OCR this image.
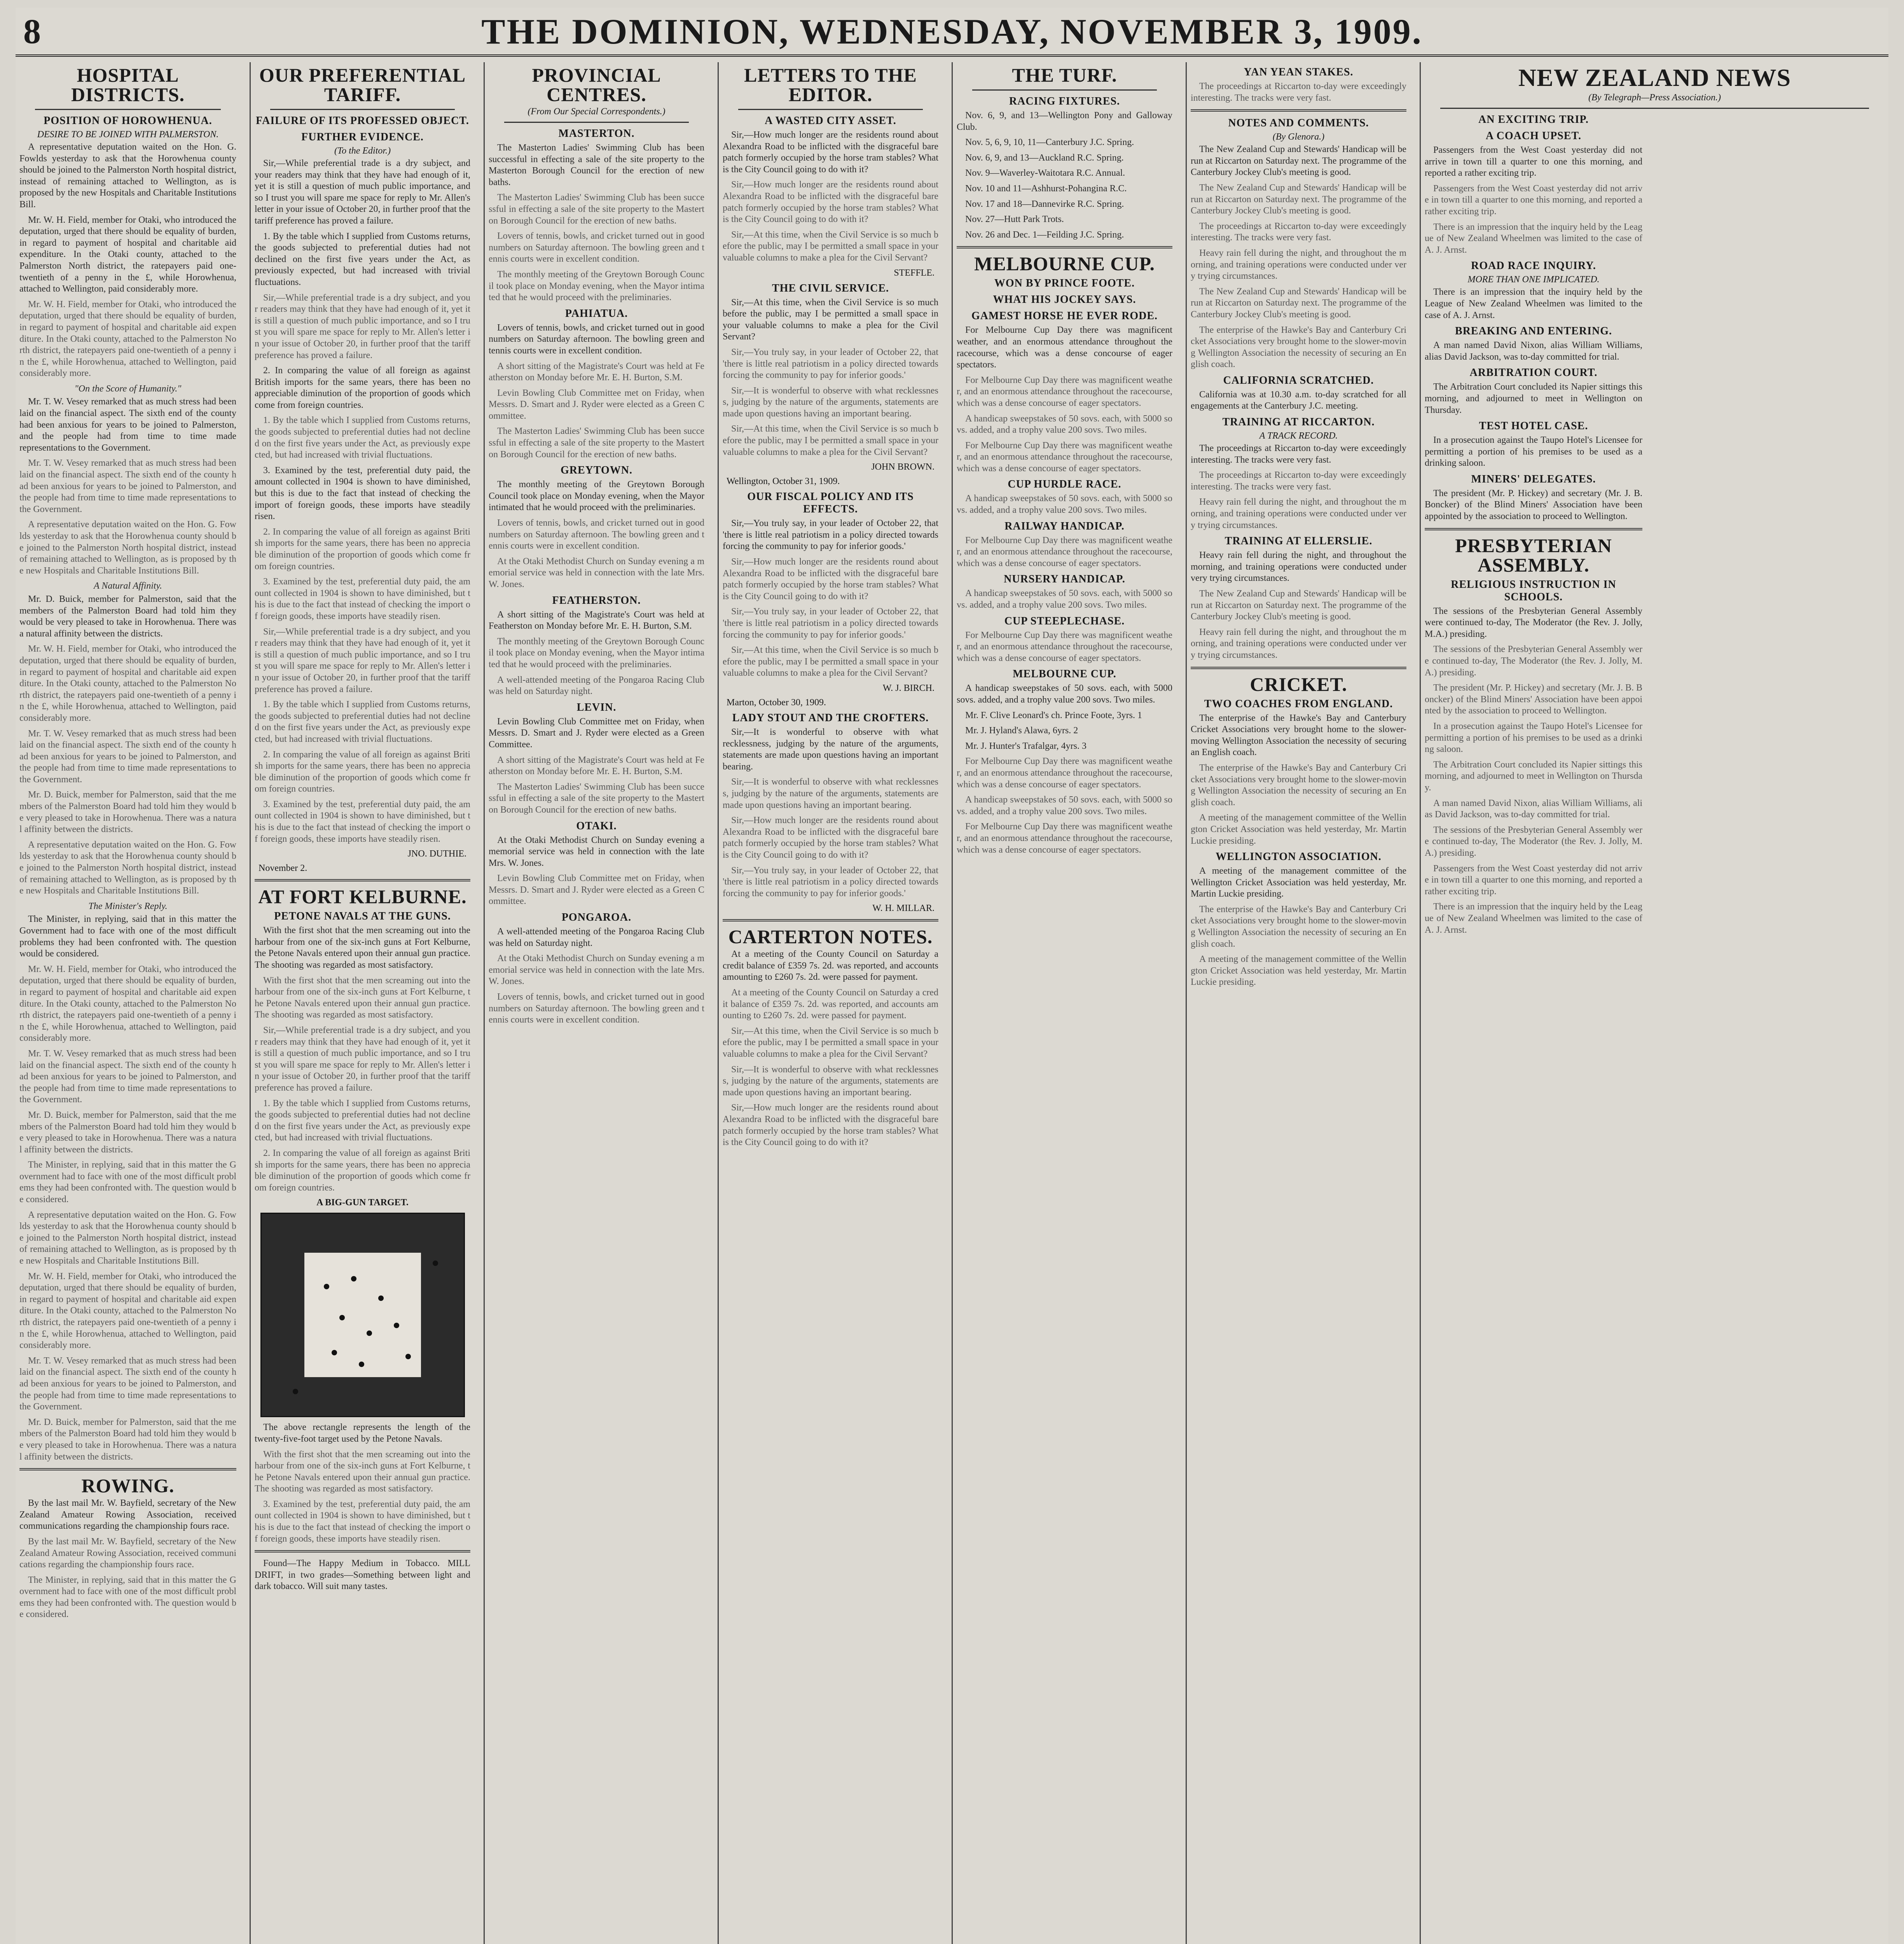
8	THE DOMINION, WEDNESDAY, NOVEMBER 3, 1909.
HOSPITAL DISTRICTS.
POSITION OF HOROWHENUA.
DESIRE TO BE JOINED WITH PALMERSTON.

A representative deputation waited on the Hon. G. Fowlds yesterday to ask that the Horowhenua county should be joined to the Palmerston North hospital district, instead of remaining attached to Wellington, as is proposed by the new Hospitals and Charitable Institutions Bill.

Mr. W. H. Field, member for Otaki, who introduced the deputation, urged that there should be equality of burden, in regard to payment of hospital and charitable aid expenditure. In the Otaki county, attached to the Palmerston North district, the ratepayers paid one-twentieth of a penny in the £, while Horowhenua, attached to Wellington, paid considerably more.

Mr. W. H. Field, member for Otaki, who introduced the deputation, urged that there should be equality of burden, in regard to payment of hospital and charitable aid expenditure. In the Otaki county, attached to the Palmerston North district, the ratepayers paid one-twentieth of a penny in the £, while Horowhenua, attached to Wellington, paid considerably more.

"On the Score of Humanity."

Mr. T. W. Vesey remarked that as much stress had been laid on the financial aspect. The sixth end of the county had been anxious for years to be joined to Palmerston, and the people had from time to time made representations to the Government.

Mr. T. W. Vesey remarked that as much stress had been laid on the financial aspect. The sixth end of the county had been anxious for years to be joined to Palmerston, and the people had from time to time made representations to the Government.

A representative deputation waited on the Hon. G. Fowlds yesterday to ask that the Horowhenua county should be joined to the Palmerston North hospital district, instead of remaining attached to Wellington, as is proposed by the new Hospitals and Charitable Institutions Bill.

A Natural Affinity.

Mr. D. Buick, member for Palmerston, said that the members of the Palmerston Board had told him they would be very pleased to take in Horowhenua. There was a natural affinity between the districts.

Mr. W. H. Field, member for Otaki, who introduced the deputation, urged that there should be equality of burden, in regard to payment of hospital and charitable aid expenditure. In the Otaki county, attached to the Palmerston North district, the ratepayers paid one-twentieth of a penny in the £, while Horowhenua, attached to Wellington, paid considerably more.

Mr. T. W. Vesey remarked that as much stress had been laid on the financial aspect. The sixth end of the county had been anxious for years to be joined to Palmerston, and the people had from time to time made representations to the Government.

Mr. D. Buick, member for Palmerston, said that the members of the Palmerston Board had told him they would be very pleased to take in Horowhenua. There was a natural affinity between the districts.

A representative deputation waited on the Hon. G. Fowlds yesterday to ask that the Horowhenua county should be joined to the Palmerston North hospital district, instead of remaining attached to Wellington, as is proposed by the new Hospitals and Charitable Institutions Bill.

The Minister's Reply.

The Minister, in replying, said that in this matter the Government had to face with one of the most difficult problems they had been confronted with. The question would be considered.

Mr. W. H. Field, member for Otaki, who introduced the deputation, urged that there should be equality of burden, in regard to payment of hospital and charitable aid expenditure. In the Otaki county, attached to the Palmerston North district, the ratepayers paid one-twentieth of a penny in the £, while Horowhenua, attached to Wellington, paid considerably more.

Mr. T. W. Vesey remarked that as much stress had been laid on the financial aspect. The sixth end of the county had been anxious for years to be joined to Palmerston, and the people had from time to time made representations to the Government.

Mr. D. Buick, member for Palmerston, said that the members of the Palmerston Board had told him they would be very pleased to take in Horowhenua. There was a natural affinity between the districts.

The Minister, in replying, said that in this matter the Government had to face with one of the most difficult problems they had been confronted with. The question would be considered.

A representative deputation waited on the Hon. G. Fowlds yesterday to ask that the Horowhenua county should be joined to the Palmerston North hospital district, instead of remaining attached to Wellington, as is proposed by the new Hospitals and Charitable Institutions Bill.

Mr. W. H. Field, member for Otaki, who introduced the deputation, urged that there should be equality of burden, in regard to payment of hospital and charitable aid expenditure. In the Otaki county, attached to the Palmerston North district, the ratepayers paid one-twentieth of a penny in the £, while Horowhenua, attached to Wellington, paid considerably more.

Mr. T. W. Vesey remarked that as much stress had been laid on the financial aspect. The sixth end of the county had been anxious for years to be joined to Palmerston, and the people had from time to time made representations to the Government.

Mr. D. Buick, member for Palmerston, said that the members of the Palmerston Board had told him they would be very pleased to take in Horowhenua. There was a natural affinity between the districts.

ROWING.

By the last mail Mr. W. Bayfield, secretary of the New Zealand Amateur Rowing Association, received communications regarding the championship fours race.

By the last mail Mr. W. Bayfield, secretary of the New Zealand Amateur Rowing Association, received communications regarding the championship fours race.

The Minister, in replying, said that in this matter the Government had to face with one of the most difficult problems they had been confronted with. The question would be considered.

OUR PREFERENTIAL TARIFF.
FAILURE OF ITS PROFESSED OBJECT.
FURTHER EVIDENCE.
(To the Editor.)

Sir,—While preferential trade is a dry subject, and your readers may think that they have had enough of it, yet it is still a question of much public importance, and so I trust you will spare me space for reply to Mr. Allen's letter in your issue of October 20, in further proof that the tariff preference has proved a failure.

1. By the table which I supplied from Customs returns, the goods subjected to preferential duties had not declined on the first five years under the Act, as previously expected, but had increased with trivial fluctuations.

Sir,—While preferential trade is a dry subject, and your readers may think that they have had enough of it, yet it is still a question of much public importance, and so I trust you will spare me space for reply to Mr. Allen's letter in your issue of October 20, in further proof that the tariff preference has proved a failure.

2. In comparing the value of all foreign as against British imports for the same years, there has been no appreciable diminution of the proportion of goods which come from foreign countries.

1. By the table which I supplied from Customs returns, the goods subjected to preferential duties had not declined on the first five years under the Act, as previously expected, but had increased with trivial fluctuations.

3. Examined by the test, preferential duty paid, the amount collected in 1904 is shown to have diminished, but this is due to the fact that instead of checking the import of foreign goods, these imports have steadily risen.

2. In comparing the value of all foreign as against British imports for the same years, there has been no appreciable diminution of the proportion of goods which come from foreign countries.

3. Examined by the test, preferential duty paid, the amount collected in 1904 is shown to have diminished, but this is due to the fact that instead of checking the import of foreign goods, these imports have steadily risen.

Sir,—While preferential trade is a dry subject, and your readers may think that they have had enough of it, yet it is still a question of much public importance, and so I trust you will spare me space for reply to Mr. Allen's letter in your issue of October 20, in further proof that the tariff preference has proved a failure.

1. By the table which I supplied from Customs returns, the goods subjected to preferential duties had not declined on the first five years under the Act, as previously expected, but had increased with trivial fluctuations.

2. In comparing the value of all foreign as against British imports for the same years, there has been no appreciable diminution of the proportion of goods which come from foreign countries.

3. Examined by the test, preferential duty paid, the amount collected in 1904 is shown to have diminished, but this is due to the fact that instead of checking the import of foreign goods, these imports have steadily risen.

JNO. DUTHIE.
November 2.
AT FORT KELBURNE.
PETONE NAVALS AT THE GUNS.

With the first shot that the men screaming out into the harbour from one of the six-inch guns at Fort Kelburne, the Petone Navals entered upon their annual gun practice. The shooting was regarded as most satisfactory.

With the first shot that the men screaming out into the harbour from one of the six-inch guns at Fort Kelburne, the Petone Navals entered upon their annual gun practice. The shooting was regarded as most satisfactory.

Sir,—While preferential trade is a dry subject, and your readers may think that they have had enough of it, yet it is still a question of much public importance, and so I trust you will spare me space for reply to Mr. Allen's letter in your issue of October 20, in further proof that the tariff preference has proved a failure.

1. By the table which I supplied from Customs returns, the goods subjected to preferential duties had not declined on the first five years under the Act, as previously expected, but had increased with trivial fluctuations.

2. In comparing the value of all foreign as against British imports for the same years, there has been no appreciable diminution of the proportion of goods which come from foreign countries.

A BIG-GUN TARGET.

The above rectangle represents the length of the twenty-five-foot target used by the Petone Navals.

With the first shot that the men screaming out into the harbour from one of the six-inch guns at Fort Kelburne, the Petone Navals entered upon their annual gun practice. The shooting was regarded as most satisfactory.

3. Examined by the test, preferential duty paid, the amount collected in 1904 is shown to have diminished, but this is due to the fact that instead of checking the import of foreign goods, these imports have steadily risen.

Found—The Happy Medium in Tobacco. MILL DRIFT, in two grades—Something between light and dark tobacco. Will suit many tastes.

PROVINCIAL CENTRES.
(From Our Special Correspondents.)
MASTERTON.

The Masterton Ladies' Swimming Club has been successful in effecting a sale of the site property to the Masterton Borough Council for the erection of new baths.

The Masterton Ladies' Swimming Club has been successful in effecting a sale of the site property to the Masterton Borough Council for the erection of new baths.

Lovers of tennis, bowls, and cricket turned out in good numbers on Saturday afternoon. The bowling green and tennis courts were in excellent condition.

The monthly meeting of the Greytown Borough Council took place on Monday evening, when the Mayor intimated that he would proceed with the preliminaries.

PAHIATUA.

Lovers of tennis, bowls, and cricket turned out in good numbers on Saturday afternoon. The bowling green and tennis courts were in excellent condition.

A short sitting of the Magistrate's Court was held at Featherston on Monday before Mr. E. H. Burton, S.M.

Levin Bowling Club Committee met on Friday, when Messrs. D. Smart and J. Ryder were elected as a Green Committee.

The Masterton Ladies' Swimming Club has been successful in effecting a sale of the site property to the Masterton Borough Council for the erection of new baths.

GREYTOWN.

The monthly meeting of the Greytown Borough Council took place on Monday evening, when the Mayor intimated that he would proceed with the preliminaries.

Lovers of tennis, bowls, and cricket turned out in good numbers on Saturday afternoon. The bowling green and tennis courts were in excellent condition.

At the Otaki Methodist Church on Sunday evening a memorial service was held in connection with the late Mrs. W. Jones.

FEATHERSTON.

A short sitting of the Magistrate's Court was held at Featherston on Monday before Mr. E. H. Burton, S.M.

The monthly meeting of the Greytown Borough Council took place on Monday evening, when the Mayor intimated that he would proceed with the preliminaries.

A well-attended meeting of the Pongaroa Racing Club was held on Saturday night.

LEVIN.

Levin Bowling Club Committee met on Friday, when Messrs. D. Smart and J. Ryder were elected as a Green Committee.

A short sitting of the Magistrate's Court was held at Featherston on Monday before Mr. E. H. Burton, S.M.

The Masterton Ladies' Swimming Club has been successful in effecting a sale of the site property to the Masterton Borough Council for the erection of new baths.

OTAKI.

At the Otaki Methodist Church on Sunday evening a memorial service was held in connection with the late Mrs. W. Jones.

Levin Bowling Club Committee met on Friday, when Messrs. D. Smart and J. Ryder were elected as a Green Committee.

PONGAROA.

A well-attended meeting of the Pongaroa Racing Club was held on Saturday night.

At the Otaki Methodist Church on Sunday evening a memorial service was held in connection with the late Mrs. W. Jones.

Lovers of tennis, bowls, and cricket turned out in good numbers on Saturday afternoon. The bowling green and tennis courts were in excellent condition.

LETTERS TO THE EDITOR.
A WASTED CITY ASSET.

Sir,—How much longer are the residents round about Alexandra Road to be inflicted with the disgraceful bare patch formerly occupied by the horse tram stables? What is the City Council going to do with it?

Sir,—How much longer are the residents round about Alexandra Road to be inflicted with the disgraceful bare patch formerly occupied by the horse tram stables? What is the City Council going to do with it?

Sir,—At this time, when the Civil Service is so much before the public, may I be permitted a small space in your valuable columns to make a plea for the Civil Servant?

STEFFLE.
THE CIVIL SERVICE.

Sir,—At this time, when the Civil Service is so much before the public, may I be permitted a small space in your valuable columns to make a plea for the Civil Servant?

Sir,—You truly say, in your leader of October 22, that 'there is little real patriotism in a policy directed towards forcing the community to pay for inferior goods.'

Sir,—It is wonderful to observe with what recklessness, judging by the nature of the arguments, statements are made upon questions having an important bearing.

Sir,—At this time, when the Civil Service is so much before the public, may I be permitted a small space in your valuable columns to make a plea for the Civil Servant?

JOHN BROWN.
Wellington, October 31, 1909.
OUR FISCAL POLICY AND ITS EFFECTS.

Sir,—You truly say, in your leader of October 22, that 'there is little real patriotism in a policy directed towards forcing the community to pay for inferior goods.'

Sir,—How much longer are the residents round about Alexandra Road to be inflicted with the disgraceful bare patch formerly occupied by the horse tram stables? What is the City Council going to do with it?

Sir,—You truly say, in your leader of October 22, that 'there is little real patriotism in a policy directed towards forcing the community to pay for inferior goods.'

Sir,—At this time, when the Civil Service is so much before the public, may I be permitted a small space in your valuable columns to make a plea for the Civil Servant?

W. J. BIRCH.
Marton, October 30, 1909.
LADY STOUT AND THE CROFTERS.

Sir,—It is wonderful to observe with what recklessness, judging by the nature of the arguments, statements are made upon questions having an important bearing.

Sir,—It is wonderful to observe with what recklessness, judging by the nature of the arguments, statements are made upon questions having an important bearing.

Sir,—How much longer are the residents round about Alexandra Road to be inflicted with the disgraceful bare patch formerly occupied by the horse tram stables? What is the City Council going to do with it?

Sir,—You truly say, in your leader of October 22, that 'there is little real patriotism in a policy directed towards forcing the community to pay for inferior goods.'

W. H. MILLAR.
CARTERTON NOTES.

At a meeting of the County Council on Saturday a credit balance of £359 7s. 2d. was reported, and accounts amounting to £260 7s. 2d. were passed for payment.

At a meeting of the County Council on Saturday a credit balance of £359 7s. 2d. was reported, and accounts amounting to £260 7s. 2d. were passed for payment.

Sir,—At this time, when the Civil Service is so much before the public, may I be permitted a small space in your valuable columns to make a plea for the Civil Servant?

Sir,—It is wonderful to observe with what recklessness, judging by the nature of the arguments, statements are made upon questions having an important bearing.

Sir,—How much longer are the residents round about Alexandra Road to be inflicted with the disgraceful bare patch formerly occupied by the horse tram stables? What is the City Council going to do with it?

THE TURF.
RACING FIXTURES.

Nov. 6, 9, and 13—Wellington Pony and Galloway Club.

Nov. 5, 6, 9, 10, 11—Canterbury J.C. Spring.

Nov. 6, 9, and 13—Auckland R.C. Spring.

Nov. 9—Waverley-Waitotara R.C. Annual.

Nov. 10 and 11—Ashhurst-Pohangina R.C.

Nov. 17 and 18—Dannevirke R.C. Spring.

Nov. 27—Hutt Park Trots.

Nov. 26 and Dec. 1—Feilding J.C. Spring.

MELBOURNE CUP.
WON BY PRINCE FOOTE.
WHAT HIS JOCKEY SAYS.
GAMEST HORSE HE EVER RODE.

For Melbourne Cup Day there was magnificent weather, and an enormous attendance throughout the racecourse, which was a dense concourse of eager spectators.

For Melbourne Cup Day there was magnificent weather, and an enormous attendance throughout the racecourse, which was a dense concourse of eager spectators.

A handicap sweepstakes of 50 sovs. each, with 5000 sovs. added, and a trophy value 200 sovs. Two miles.

For Melbourne Cup Day there was magnificent weather, and an enormous attendance throughout the racecourse, which was a dense concourse of eager spectators.

CUP HURDLE RACE.

A handicap sweepstakes of 50 sovs. each, with 5000 sovs. added, and a trophy value 200 sovs. Two miles.

RAILWAY HANDICAP.

For Melbourne Cup Day there was magnificent weather, and an enormous attendance throughout the racecourse, which was a dense concourse of eager spectators.

NURSERY HANDICAP.

A handicap sweepstakes of 50 sovs. each, with 5000 sovs. added, and a trophy value 200 sovs. Two miles.

CUP STEEPLECHASE.

For Melbourne Cup Day there was magnificent weather, and an enormous attendance throughout the racecourse, which was a dense concourse of eager spectators.

MELBOURNE CUP.

A handicap sweepstakes of 50 sovs. each, with 5000 sovs. added, and a trophy value 200 sovs. Two miles.

Mr. F. Clive Leonard's ch. Prince Foote, 3yrs. 1

Mr. J. Hyland's Alawa, 6yrs. 2

Mr. J. Hunter's Trafalgar, 4yrs. 3

For Melbourne Cup Day there was magnificent weather, and an enormous attendance throughout the racecourse, which was a dense concourse of eager spectators.

A handicap sweepstakes of 50 sovs. each, with 5000 sovs. added, and a trophy value 200 sovs. Two miles.

For Melbourne Cup Day there was magnificent weather, and an enormous attendance throughout the racecourse, which was a dense concourse of eager spectators.

YAN YEAN STAKES.

The proceedings at Riccarton to-day were exceedingly interesting. The tracks were very fast.

NOTES AND COMMENTS.
(By Glenora.)

The New Zealand Cup and Stewards' Handicap will be run at Riccarton on Saturday next. The programme of the Canterbury Jockey Club's meeting is good.

The New Zealand Cup and Stewards' Handicap will be run at Riccarton on Saturday next. The programme of the Canterbury Jockey Club's meeting is good.

The proceedings at Riccarton to-day were exceedingly interesting. The tracks were very fast.

Heavy rain fell during the night, and throughout the morning, and training operations were conducted under very trying circumstances.

The New Zealand Cup and Stewards' Handicap will be run at Riccarton on Saturday next. The programme of the Canterbury Jockey Club's meeting is good.

The enterprise of the Hawke's Bay and Canterbury Cricket Associations very brought home to the slower-moving Wellington Association the necessity of securing an English coach.

CALIFORNIA SCRATCHED.

California was at 10.30 a.m. to-day scratched for all engagements at the Canterbury J.C. meeting.

TRAINING AT RICCARTON.
A TRACK RECORD.

The proceedings at Riccarton to-day were exceedingly interesting. The tracks were very fast.

The proceedings at Riccarton to-day were exceedingly interesting. The tracks were very fast.

Heavy rain fell during the night, and throughout the morning, and training operations were conducted under very trying circumstances.

TRAINING AT ELLERSLIE.

Heavy rain fell during the night, and throughout the morning, and training operations were conducted under very trying circumstances.

The New Zealand Cup and Stewards' Handicap will be run at Riccarton on Saturday next. The programme of the Canterbury Jockey Club's meeting is good.

Heavy rain fell during the night, and throughout the morning, and training operations were conducted under very trying circumstances.

CRICKET.
TWO COACHES FROM ENGLAND.

The enterprise of the Hawke's Bay and Canterbury Cricket Associations very brought home to the slower-moving Wellington Association the necessity of securing an English coach.

The enterprise of the Hawke's Bay and Canterbury Cricket Associations very brought home to the slower-moving Wellington Association the necessity of securing an English coach.

A meeting of the management committee of the Wellington Cricket Association was held yesterday, Mr. Martin Luckie presiding.

WELLINGTON ASSOCIATION.

A meeting of the management committee of the Wellington Cricket Association was held yesterday, Mr. Martin Luckie presiding.

The enterprise of the Hawke's Bay and Canterbury Cricket Associations very brought home to the slower-moving Wellington Association the necessity of securing an English coach.

A meeting of the management committee of the Wellington Cricket Association was held yesterday, Mr. Martin Luckie presiding.

NEW ZEALAND NEWS
(By Telegraph—Press Association.)
AN EXCITING TRIP.
A COACH UPSET.

Passengers from the West Coast yesterday did not arrive in town till a quarter to one this morning, and reported a rather exciting trip.

Passengers from the West Coast yesterday did not arrive in town till a quarter to one this morning, and reported a rather exciting trip.

There is an impression that the inquiry held by the League of New Zealand Wheelmen was limited to the case of A. J. Arnst.

ROAD RACE INQUIRY.
MORE THAN ONE IMPLICATED.

There is an impression that the inquiry held by the League of New Zealand Wheelmen was limited to the case of A. J. Arnst.

BREAKING AND ENTERING.

A man named David Nixon, alias William Williams, alias David Jackson, was to-day committed for trial.

ARBITRATION COURT.

The Arbitration Court concluded its Napier sittings this morning, and adjourned to meet in Wellington on Thursday.

TEST HOTEL CASE.

In a prosecution against the Taupo Hotel's Licensee for permitting a portion of his premises to be used as a drinking saloon.

MINERS' DELEGATES.

The president (Mr. P. Hickey) and secretary (Mr. J. B. Boncker) of the Blind Miners' Association have been appointed by the association to proceed to Wellington.

PRESBYTERIAN ASSEMBLY.
RELIGIOUS INSTRUCTION IN SCHOOLS.

The sessions of the Presbyterian General Assembly were continued to-day, The Moderator (the Rev. J. Jolly, M.A.) presiding.

The sessions of the Presbyterian General Assembly were continued to-day, The Moderator (the Rev. J. Jolly, M.A.) presiding.

The president (Mr. P. Hickey) and secretary (Mr. J. B. Boncker) of the Blind Miners' Association have been appointed by the association to proceed to Wellington.

In a prosecution against the Taupo Hotel's Licensee for permitting a portion of his premises to be used as a drinking saloon.

The Arbitration Court concluded its Napier sittings this morning, and adjourned to meet in Wellington on Thursday.

A man named David Nixon, alias William Williams, alias David Jackson, was to-day committed for trial.

The sessions of the Presbyterian General Assembly were continued to-day, The Moderator (the Rev. J. Jolly, M.A.) presiding.

Passengers from the West Coast yesterday did not arrive in town till a quarter to one this morning, and reported a rather exciting trip.

There is an impression that the inquiry held by the League of New Zealand Wheelmen was limited to the case of A. J. Arnst.
